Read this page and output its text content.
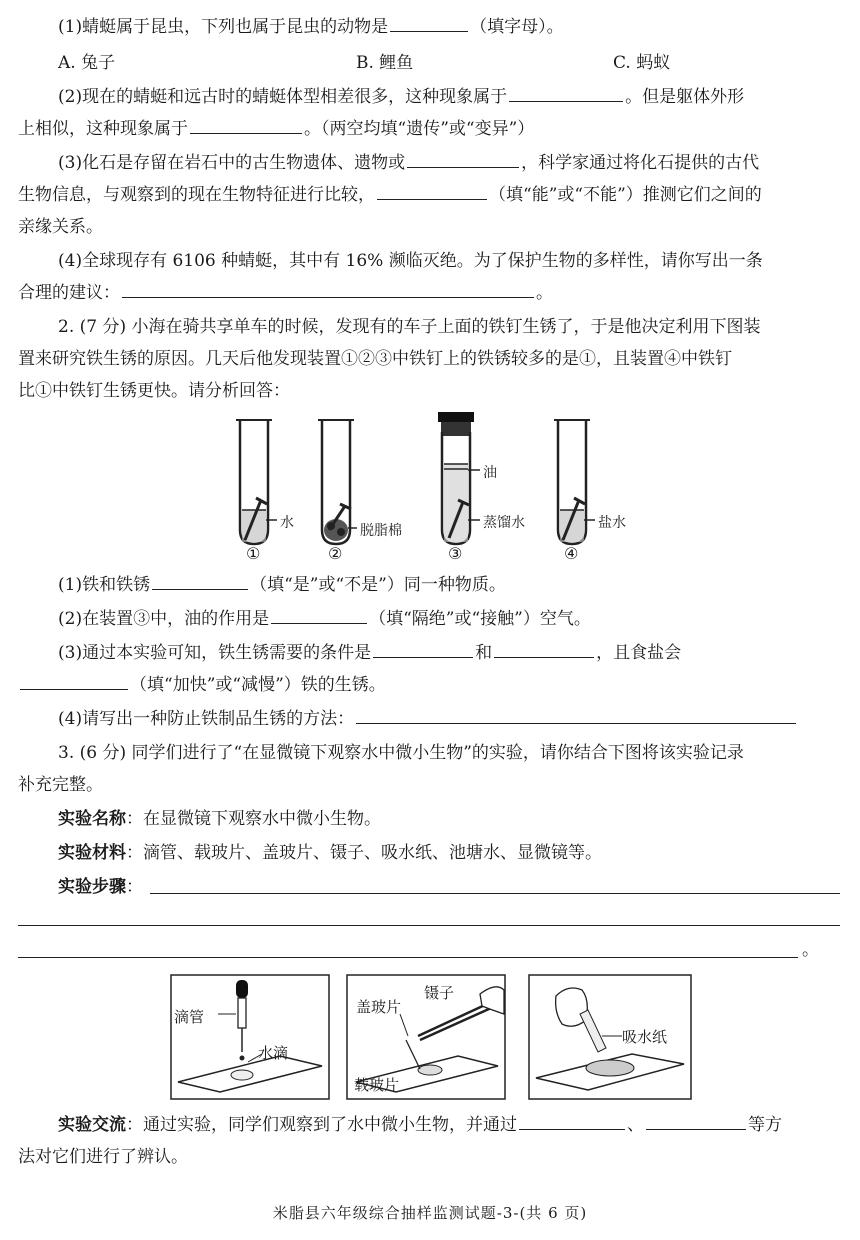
(1)蜻蜓属于昆虫，下列也属于昆虫的动物是	（填字母）。
A. 兔子	B. 鲤鱼	C. 蚂蚁
(2)现在的蜻蜓和远古时的蜻蜓体型相差很多，这种现象属于	。但是躯体外形
上相似，这种现象属于	。（两空均填“遗传”或“变异”）
(3)化石是存留在岩石中的古生物遗体、遗物或	，科学家通过将化石提供的古代
生物信息，与观察到的现在生物特征进行比较，	（填“能”或“不能”）推测它们之间的
亲缘关系。
(4)全球现存有 6106 种蜻蜓，其中有 16% 濒临灭绝。为了保护生物的多样性，请你写出一条
合理的建议：	。
2. (7 分) 小海在骑共享单车的时候，发现有的车子上面的铁钉生锈了，于是他决定利用下图装
置来研究铁生锈的原因。几天后他发现装置①②③中铁钉上的铁锈较多的是①，且装置④中铁钉
比①中铁钉生锈更快。请分析回答：
水	脱脂棉
油
蒸馏水	盐水
①	②	③	④
(1)铁和铁锈	（填“是”或“不是”）同一种物质。
(2)在装置③中，油的作用是	（填“隔绝”或“接触”）空气。
(3)通过本实验可知，铁生锈需要的条件是	和	，且食盐会
（填“加快”或“减慢”）铁的生锈。
(4)请写出一种防止铁制品生锈的方法：
3. (6 分) 同学们进行了“在显微镜下观察水中微小生物”的实验，请你结合下图将该实验记录
补充完整。
实验名称：在显微镜下观察水中微小生物。
实验材料：滴管、载玻片、盖玻片、镊子、吸水纸、池塘水、显微镜等。
实验步骤：
。
滴管
水滴
盖玻片
镊子
载玻片
吸水纸
实验交流：通过实验，同学们观察到了水中微小生物，并通过	、	等方
法对它们进行了辨认。
米脂县六年级综合抽样监测试题-3-(共 6 页)
